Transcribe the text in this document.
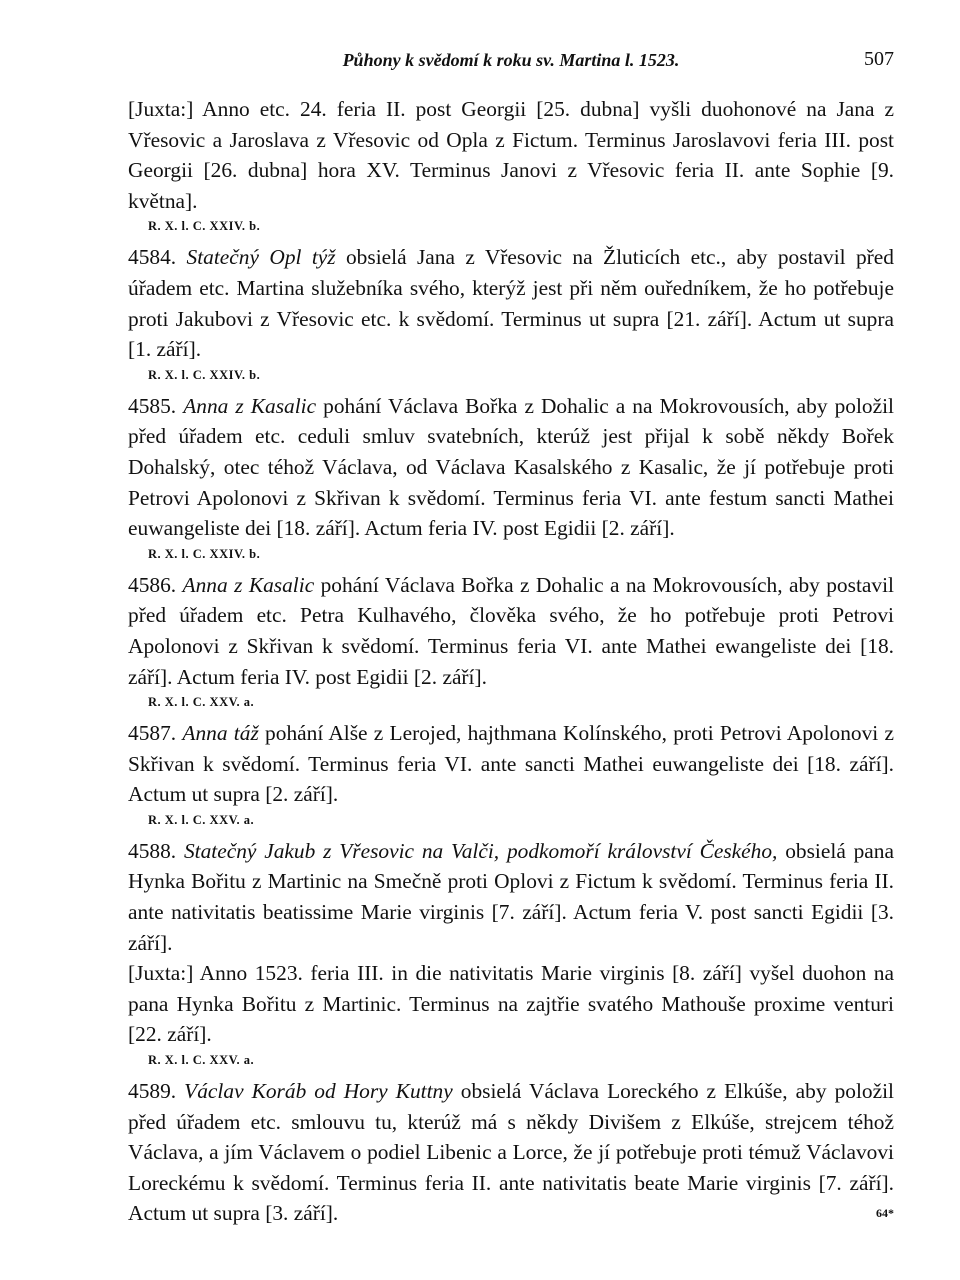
Půhony k svědomí k roku sv. Martina l. 1523.	507

[Juxta:] Anno etc. 24. feria II. post Georgii [25. dubna] vyšli duohonové na Jana z Vřesovic a Jaroslava z Vřesovic od Opla z Fictum. Terminus Jaroslavovi feria III. post Georgii [26. dubna] hora XV. Terminus Janovi z Vřesovic feria II. ante Sophie [9. května].

R. X. l. C. XXIV. b.

4584. Statečný Opl týž obsielá Jana z Vřesovic na Žluticích etc., aby postavil před úřadem etc. Martina služebníka svého, kterýž jest při něm ouředníkem, že ho potřebuje proti Jakubovi z Vřesovic etc. k svědomí. Terminus ut supra [21. září]. Actum ut supra [1. září].

R. X. l. C. XXIV. b.

4585. Anna z Kasalic pohání Václava Bořka z Dohalic a na Mokrovousích, aby položil před úřadem etc. ceduli smluv svatebních, kterúž jest přijal k sobě někdy Bořek Dohalský, otec téhož Václava, od Václava Kasalského z Kasalic, že jí potřebuje proti Petrovi Apolonovi z Skřivan k svědomí. Terminus feria VI. ante festum sancti Mathei euwangeliste dei [18. září]. Actum feria IV. post Egidii [2. září].

R. X. l. C. XXIV. b.

4586. Anna z Kasalic pohání Václava Bořka z Dohalic a na Mokrovousích, aby postavil před úřadem etc. Petra Kulhavého, člověka svého, že ho potřebuje proti Petrovi Apolonovi z Skřivan k svědomí. Terminus feria VI. ante Mathei ewangeliste dei [18. září]. Actum feria IV. post Egidii [2. září].

R. X. l. C. XXV. a.

4587. Anna táž pohání Alše z Lerojed, hajthmana Kolínského, proti Petrovi Apolonovi z Skřivan k svědomí. Terminus feria VI. ante sancti Mathei euwangeliste dei [18. září]. Actum ut supra [2. září].

R. X. l. C. XXV. a.

4588. Statečný Jakub z Vřesovic na Valči, podkomoří království Českého, obsielá pana Hynka Bořitu z Martinic na Smečně proti Oplovi z Fictum k svědomí. Terminus feria II. ante nativitatis beatissime Marie virginis [7. září]. Actum feria V. post sancti Egidii [3. září].

[Juxta:] Anno 1523. feria III. in die nativitatis Marie virginis [8. září] vyšel duohon na pana Hynka Bořitu z Martinic. Terminus na zajtřie svatého Mathouše proxime venturi [22. září].

R. X. l. C. XXV. a.

4589. Václav Koráb od Hory Kuttny obsielá Václava Loreckého z Elkúše, aby položil před úřadem etc. smlouvu tu, kterúž má s někdy Divišem z Elkúše, strejcem téhož Václava, a jím Václavem o podiel Libenic a Lorce, že jí potřebuje proti témuž Václavovi Loreckému k svědomí. Terminus feria II. ante nativitatis beate Marie virginis [7. září]. Actum ut supra [3. září].	64*
